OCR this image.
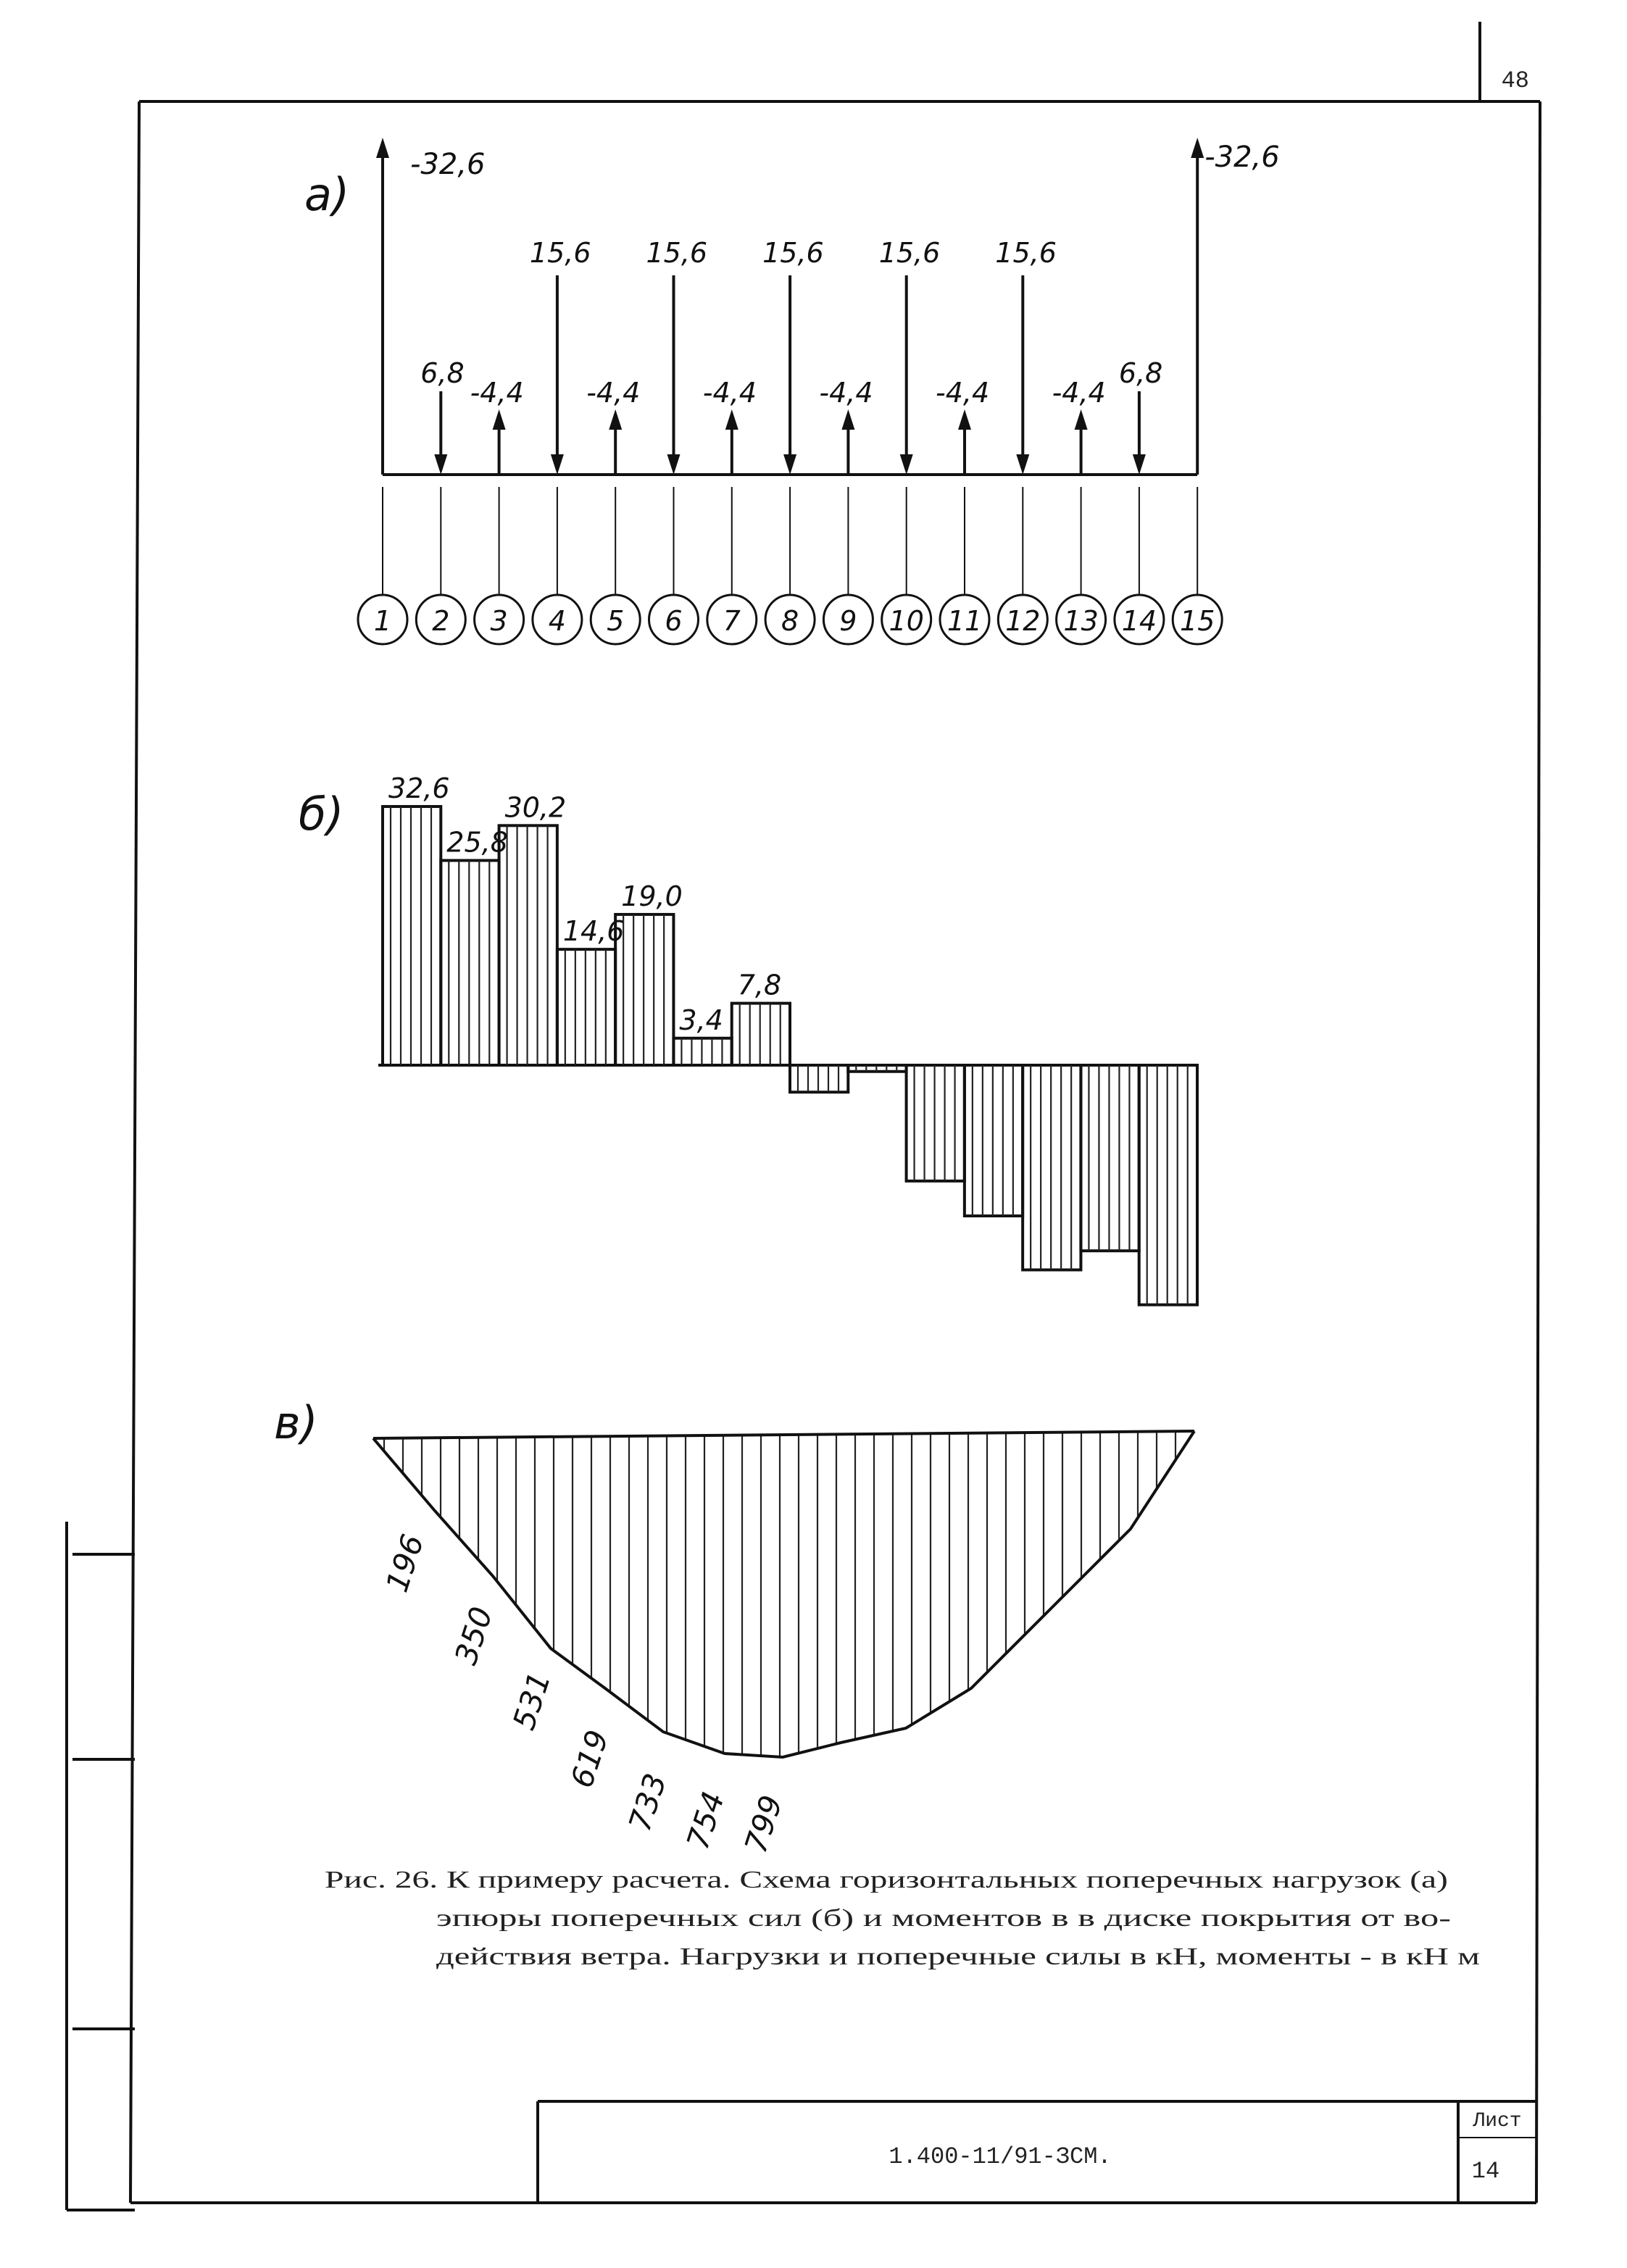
48
1.400-11/91-ЗСМ.
Лист
14
а)
-32,6	-32,6
6,8
-4,4
15,6
-4,4
15,6
-4,4
15,6
-4,4
15,6
-4,4
15,6
-4,4
6,8
1 2 3 4 5 6 7 8 9 10 11 12 13 14 15
б) 32,6
25,8
30,2
14,6
19,0
3,4
7,8
в)
196
350
531
619
733 754 799
Рис. 26. К примеру расчета. Схема горизонтальных поперечных нагрузок (а)
эпюры поперечных сил (б) и моментов в в диске покрытия от во-
действия ветра. Нагрузки и поперечные силы в кН, моменты - в кН м
